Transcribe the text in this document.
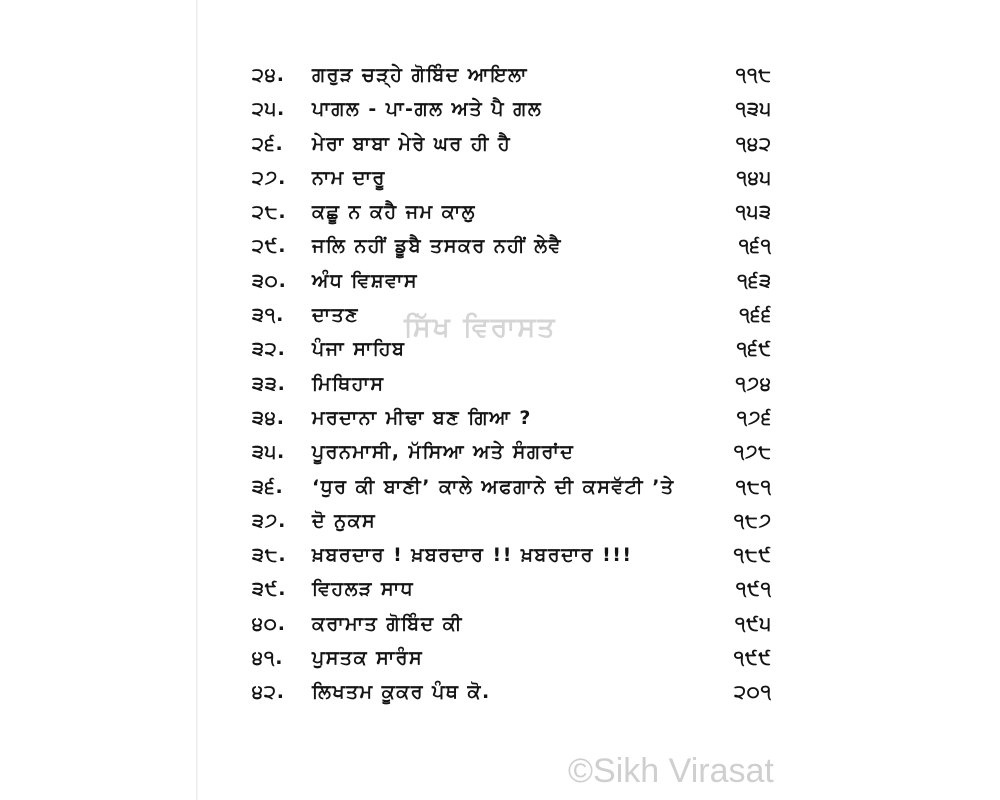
੨੪. ਗਰੁੜ ਚੜ੍ਹੇ ਗੋਬਿੰਦ ਆਇਲਾ	੧੧੮
੨੫. ਪਾਗਲ - ਪਾ-ਗਲ ਅਤੇ ਪੈ ਗਲ	੧੩੫
੨੬. ਮੇਰਾ ਬਾਬਾ ਮੇਰੇ ਘਰ ਹੀ ਹੈ	੧੪੨
੨੭. ਨਾਮ ਦਾਰੂ	੧੪੫
੨੮. ਕਛੂ ਨ ਕਹੈ ਜਮ ਕਾਲੁ	੧੫੩
੨੯. ਜਲਿ ਨਹੀਂ ਡੂਬੈ ਤਸਕਰ ਨਹੀਂ ਲੇਵੈ	੧੬੧
੩੦. ਅੰਧ ਵਿਸ਼ਵਾਸ	੧੬੩
੩੧. ਦਾਤਣ	੧੬੬
੩੨. ਪੰਜਾ ਸਾਹਿਬ	੧੬੯
੩੩. ਮਿਥਿਹਾਸ	੧੭੪
੩੪. ਮਰਦਾਨਾ ਮੀਢਾ ਬਣ ਗਿਆ ?	੧੭੬
੩੫. ਪੂਰਨਮਾਸੀ, ਮੱਸਿਆ ਅਤੇ ਸੰਗਰਾਂਦ	੧੭੮
੩੬. ‘ਧੁਰ ਕੀ ਬਾਣੀ’ ਕਾਲੇ ਅਫਗਾਨੇ ਦੀ ਕਸਵੱਟੀ ’ਤੇ	੧੮੧
੩੭. ਦੋ ਨੁਕਸ	੧੮੭
੩੮. ਖ਼ਬਰਦਾਰ ! ਖ਼ਬਰਦਾਰ !! ਖ਼ਬਰਦਾਰ !!!	੧੮੯
੩੯. ਵਿਹਲੜ ਸਾਧ	੧੯੧
੪੦. ਕਰਾਮਾਤ ਗੋਬਿੰਦ ਕੀ	੧੯੫
੪੧. ਪੁਸਤਕ ਸਾਰੰਸ	੧੯੯
੪੨. ਲਿਖਤਮ ਕੂਕਰ ਪੰਥ ਕੋ.	੨੦੧
ਸਿੱਖ ਵਿਰਾਸਤ
©Sikh Virasat
